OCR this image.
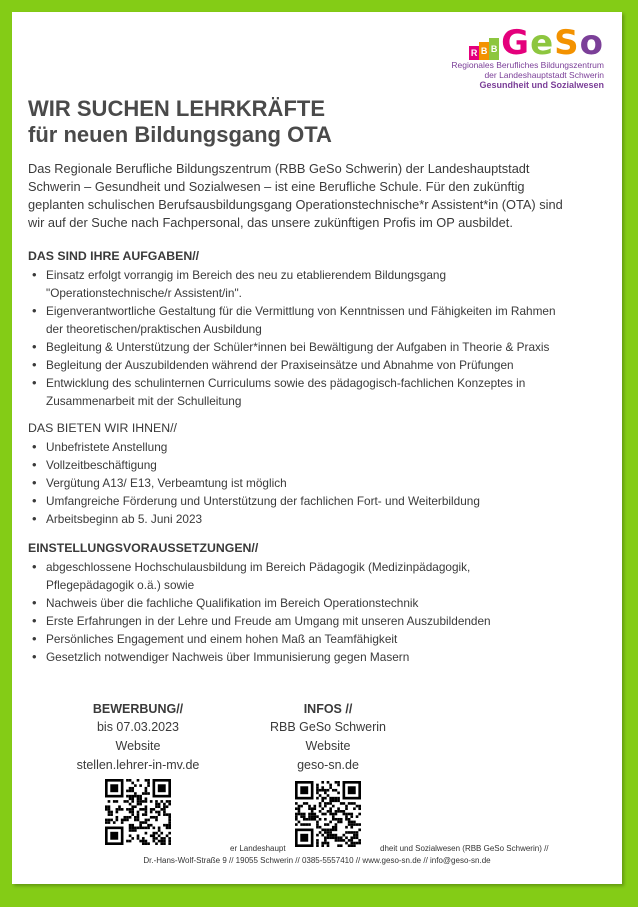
R B B GeSo
Regionales Berufliches Bildungszentrum
der Landeshauptstadt Schwerin
Gesundheit und Sozialwesen

WIR SUCHEN LEHRKRÄFTE

für neuen Bildungsgang OTA

Das Regionale Berufliche Bildungszentrum (RBB GeSo Schwerin) der Landeshauptstadt
Schwerin – Gesundheit und Sozialwesen – ist eine Berufliche Schule. Für den zukünftig
geplanten schulischen Berufsausbildungsgang Operationstechnische*r Assistent*in (OTA) sind
wir auf der Suche nach Fachpersonal, das unsere zukünftigen Profis im OP ausbildet.

DAS SIND IHRE AUFGABEN//

• Einsatz erfolgt vorrangig im Bereich des neu zu etablierendem Bildungsgang
"Operationstechnische/r Assistent/in".
• Eigenverantwortliche Gestaltung für die Vermittlung von Kenntnissen und Fähigkeiten im Rahmen
der theoretischen/praktischen Ausbildung
• Begleitung & Unterstützung der Schüler*innen bei Bewältigung der Aufgaben in Theorie & Praxis
• Begleitung der Auszubildenden während der Praxiseinsätze und Abnahme von Prüfungen
• Entwicklung des schulinternen Curriculums sowie des pädagogisch-fachlichen Konzeptes in
Zusammenarbeit mit der Schulleitung

DAS BIETEN WIR IHNEN//

• Unbefristete Anstellung
• Vollzeitbeschäftigung
• Vergütung A13/ E13, Verbeamtung ist möglich
• Umfangreiche Förderung und Unterstützung der fachlichen Fort- und Weiterbildung
• Arbeitsbeginn ab 5. Juni 2023

EINSTELLUNGSVORAUSSETZUNGEN//

• abgeschlossene Hochschulausbildung im Bereich Pädagogik (Medizinpädagogik,
Pflegepädagogik o.ä.) sowie
• Nachweis über die fachliche Qualifikation im Bereich Operationstechnik
• Erste Erfahrungen in der Lehre und Freude am Umgang mit unseren Auszubildenden
• Persönliches Engagement und einem hohen Maß an Teamfähigkeit
• Gesetzlich notwendiger Nachweis über Immunisierung gegen Masern
BEWERBUNG//
bis 07.03.2023
Website
stellen.lehrer-in-mv.de
INFOS //
RBB GeSo Schwerin
Website
geso-sn.de
er Landeshaupt	dheit und Sozialwesen (RBB GeSo Schwerin) //
Dr.-Hans-Wolf-Straße 9 // 19055 Schwerin // 0385-5557410 // www.geso-sn.de // info@geso-sn.de
